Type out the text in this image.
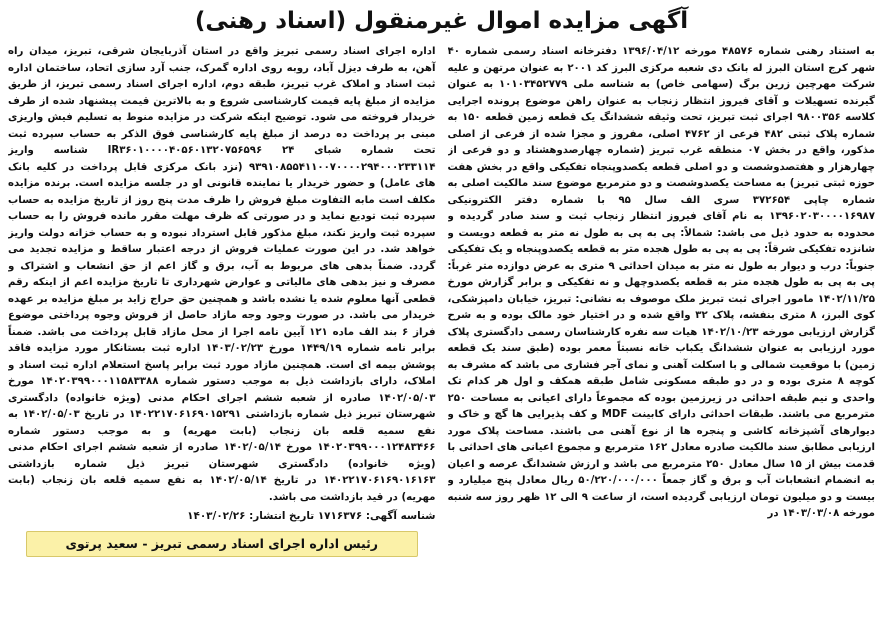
آگهی مزایده اموال غیرمنقول (اسناد رهنی)

به استناد رهنی شماره ۴۸۵۷۶ مورخه ۱۳۹۶/۰۴/۱۲ دفترخانه اسناد رسمی شماره ۴۰ شهر کرج استان البرز له بانک دی شعبه مرکزی البرز کد ۲۰۰۱ به عنوان مرتهن و علیه شرکت مهرچین زرین برگ (سهامی خاص) به شناسه ملی ۱۰۱۰۳۴۵۲۷۷۹ به عنوان گیرنده تسهیلات و آقای فیروز انتظار زنجاب به عنوان راهن موضوع پرونده اجرایی کلاسه ۹۸۰۰۳۵۶ اجرای ثبت تبریز، تحت وثیقه ششدانگ یک قطعه زمین قطعه ۱۵۰ به شماره پلاک ثبتی ۴۸۲ فرعی از ۴۷۶۲ اصلی، مفروز و مجزا شده از فرعی از اصلی مذکور، واقع در بخش ۰۷ منطقه غرب تبریز (شماره چهارصدوهشتاد و دو فرعی از چهارهزار و هفتصدوشصت و دو اصلی قطعه یکصدوپنجاه تفکیکی واقع در بخش هفت حوزه ثبتی تبریز) به مساحت یکصدوشصت و دو مترمربع موضوع سند مالکیت اصلی به شماره چاپی ۳۷۲۶۵۴ سری الف سال ۹۵ با شماره دفتر الکترونیکی ۱۳۹۶۰۲۰۳۰۰۰۰۱۶۹۸۷ به نام آقای فیروز انتظار زنجاب ثبت و سند صادر گردیده و محدوده به حدود ذیل می باشد: شمالاً: پی به پی به طول نه متر به قطعه دویست و شانزده تفکیکی شرقاً: پی به پی به طول هجده متر به قطعه یکصدوپنجاه و یک تفکیکی جنوباً: درب و دیوار به طول نه متر به میدان احداثی ۹ متری به عرض دوازده متر غرباً: پی به پی به طول هجده متر به قطعه یکصدوچهل و نه تفکیکی و برابر گزارش مورخ ۱۴۰۲/۱۱/۲۵ مامور اجرای ثبت تبریز ملک موصوف به نشانی: تبریز، خیابان دامپزشکی، کوی البرز، ۸ متری بنفشه، پلاک ۳۲ واقع شده و در اختیار خود مالک بوده و به شرح گزارش ارزیابی مورخه ۱۴۰۲/۱۰/۲۳ هیات سه نفره کارشناسان رسمی دادگستری پلاک مورد ارزیابی به عنوان ششدانگ یکباب خانه نسبتاً معمر بوده (طبق سند یک قطعه زمین) با موقعیت شمالی و با اسکلت آهنی و نمای آجر فشاری می باشد که مشرف به کوچه ۸ متری بوده و در دو طبقه مسکونی شامل طبقه همکف و اول هر کدام تک واحدی و نیم طبقه احداثی در زیرزمین بوده که مجموعاً دارای اعیانی به مساحت ۲۵۰ مترمربع می باشند. طبقات احداثی دارای کابینت MDF و کف پذیرایی ها گچ و خاک و دیوارهای آشپزخانه کاشی و پنجره ها از نوع آهنی می باشند. مساحت پلاک مورد ارزیابی مطابق سند مالکیت صادره معادل ۱۶۲ مترمربع و مجموع اعیانی های احداثی با قدمت بیش از ۱۵ سال معادل ۲۵۰ مترمربع می باشد و ارزش ششدانگ عرصه و اعیان به انضمام انشعابات آب و برق و گاز جمعاً ۵۰/۲۲۰/۰۰۰/۰۰۰ ریال معادل پنج میلیارد و بیست و دو میلیون تومان ارزیابی گردیده است، از ساعت ۹ الی ۱۲ ظهر روز سه شنبه مورخه ۱۴۰۳/۰۳/۰۸ در

اداره اجرای اسناد رسمی تبریز واقع در استان آذربایجان شرقی، تبریز، میدان راه آهن، به طرف دیزل آباد، روبه روی اداره گمرک، جنب آرد سازی اتحاد، ساختمان اداره ثبت اسناد و املاک غرب تبریز، طبقه دوم، اداره اجرای اسناد رسمی تبریز، از طریق مزایده از مبلغ پایه قیمت کارشناسی شروع و به بالاترین قیمت پیشنهاد شده از طرف خریدار فروخته می شود. توضیح اینکه شرکت در مزایده منوط به تسلیم فیش واریزی مبنی بر پرداخت ده درصد از مبلغ پایه کارشناسی فوق الذکر به حساب سپرده ثبت تحت شماره شبای ۲۴ IR۳۶۰۱۰۰۰۰۴۰۵۶۰۱۳۲۰۷۵۶۵۹۶ شناسه واریز ۹۳۹۱۰۸۵۵۴۱۱۰۰۷۰۰۰۰۲۹۴۰۰۰۲۳۳۱۱۴ (نزد بانک مرکزی قابل پرداخت در کلیه بانک های عامل) و حضور خریدار یا نماینده قانونی او در جلسه مزایده است. برنده مزایده مکلف است مابه التفاوت مبلغ فروش را ظرف مدت پنج روز از تاریخ مزایده به حساب سپرده ثبت تودیع نماید و در صورتی که ظرف مهلت مقرر مانده فروش را به حساب سپرده ثبت واریز نکند، مبلغ مذکور قابل استرداد نبوده و به حساب خزانه دولت واریز خواهد شد. در این صورت عملیات فروش از درجه اعتبار ساقط و مزایده تجدید می گردد. ضمناً بدهی های مربوط به آب، برق و گاز اعم از حق انشعاب و اشتراک و مصرف و نیز بدهی های مالیاتی و عوارض شهرداری تا تاریخ مزایده اعم از اینکه رقم قطعی آنها معلوم شده یا نشده باشد و همچنین حق حراج زاید بر مبلغ مزایده بر عهده خریدار می باشد. در صورت وجود وجه مازاد حاصل از فروش وجوه پرداختی موضوع فراز ۶ بند الف ماده ۱۲۱ آیین نامه اجرا از محل مازاد قابل پرداخت می باشد. ضمناً برابر نامه شماره ۱۴۴۹/۱۹ مورخ ۱۴۰۳/۰۲/۲۳ اداره ثبت بستانکار مورد مزایده فاقد پوشش بیمه ای است. همچنین مازاد مورد ثبت برابر پاسخ استعلام اداره ثبت اسناد و املاک، دارای بازداشت ذیل به موجب دستور شماره ۱۴۰۲۰۳۹۹۰۰۰۱۱۵۸۳۳۸۸ مورخ ۱۴۰۲/۰۵/۰۳ صادره از شعبه ششم اجرای احکام مدنی (ویژه خانواده) دادگستری شهرستان تبریز ذیل شماره بازداشتی ۱۴۰۲۲۱۷۰۶۱۶۹۰۱۵۲۹۱ در تاریخ ۱۴۰۲/۰۵/۰۳ به نفع سمیه قلعه بان زنجاب (بابت مهریه) و به موجب دستور شماره ۱۴۰۲۰۳۹۹۰۰۰۱۲۴۸۳۴۶۶ مورخ ۱۴۰۲/۰۵/۱۴ صادره از شعبه ششم اجرای احکام مدنی (ویژه خانواده) دادگستری شهرستان تبریز ذیل شماره بازداشتی ۱۴۰۲۲۱۷۰۶۱۶۹۰۱۶۱۶۳ در تاریخ ۱۴۰۲/۰۵/۱۴ به نفع سمیه قلعه بان زنجاب (بابت مهریه) در قید بازداشت می باشد.

شناسه آگهی: ۱۷۱۶۳۷۶ تاریخ انتشار: ۱۴۰۳/۰۲/۲۶
رئیس اداره اجرای اسناد رسمی تبریز - سعید پرتوی
